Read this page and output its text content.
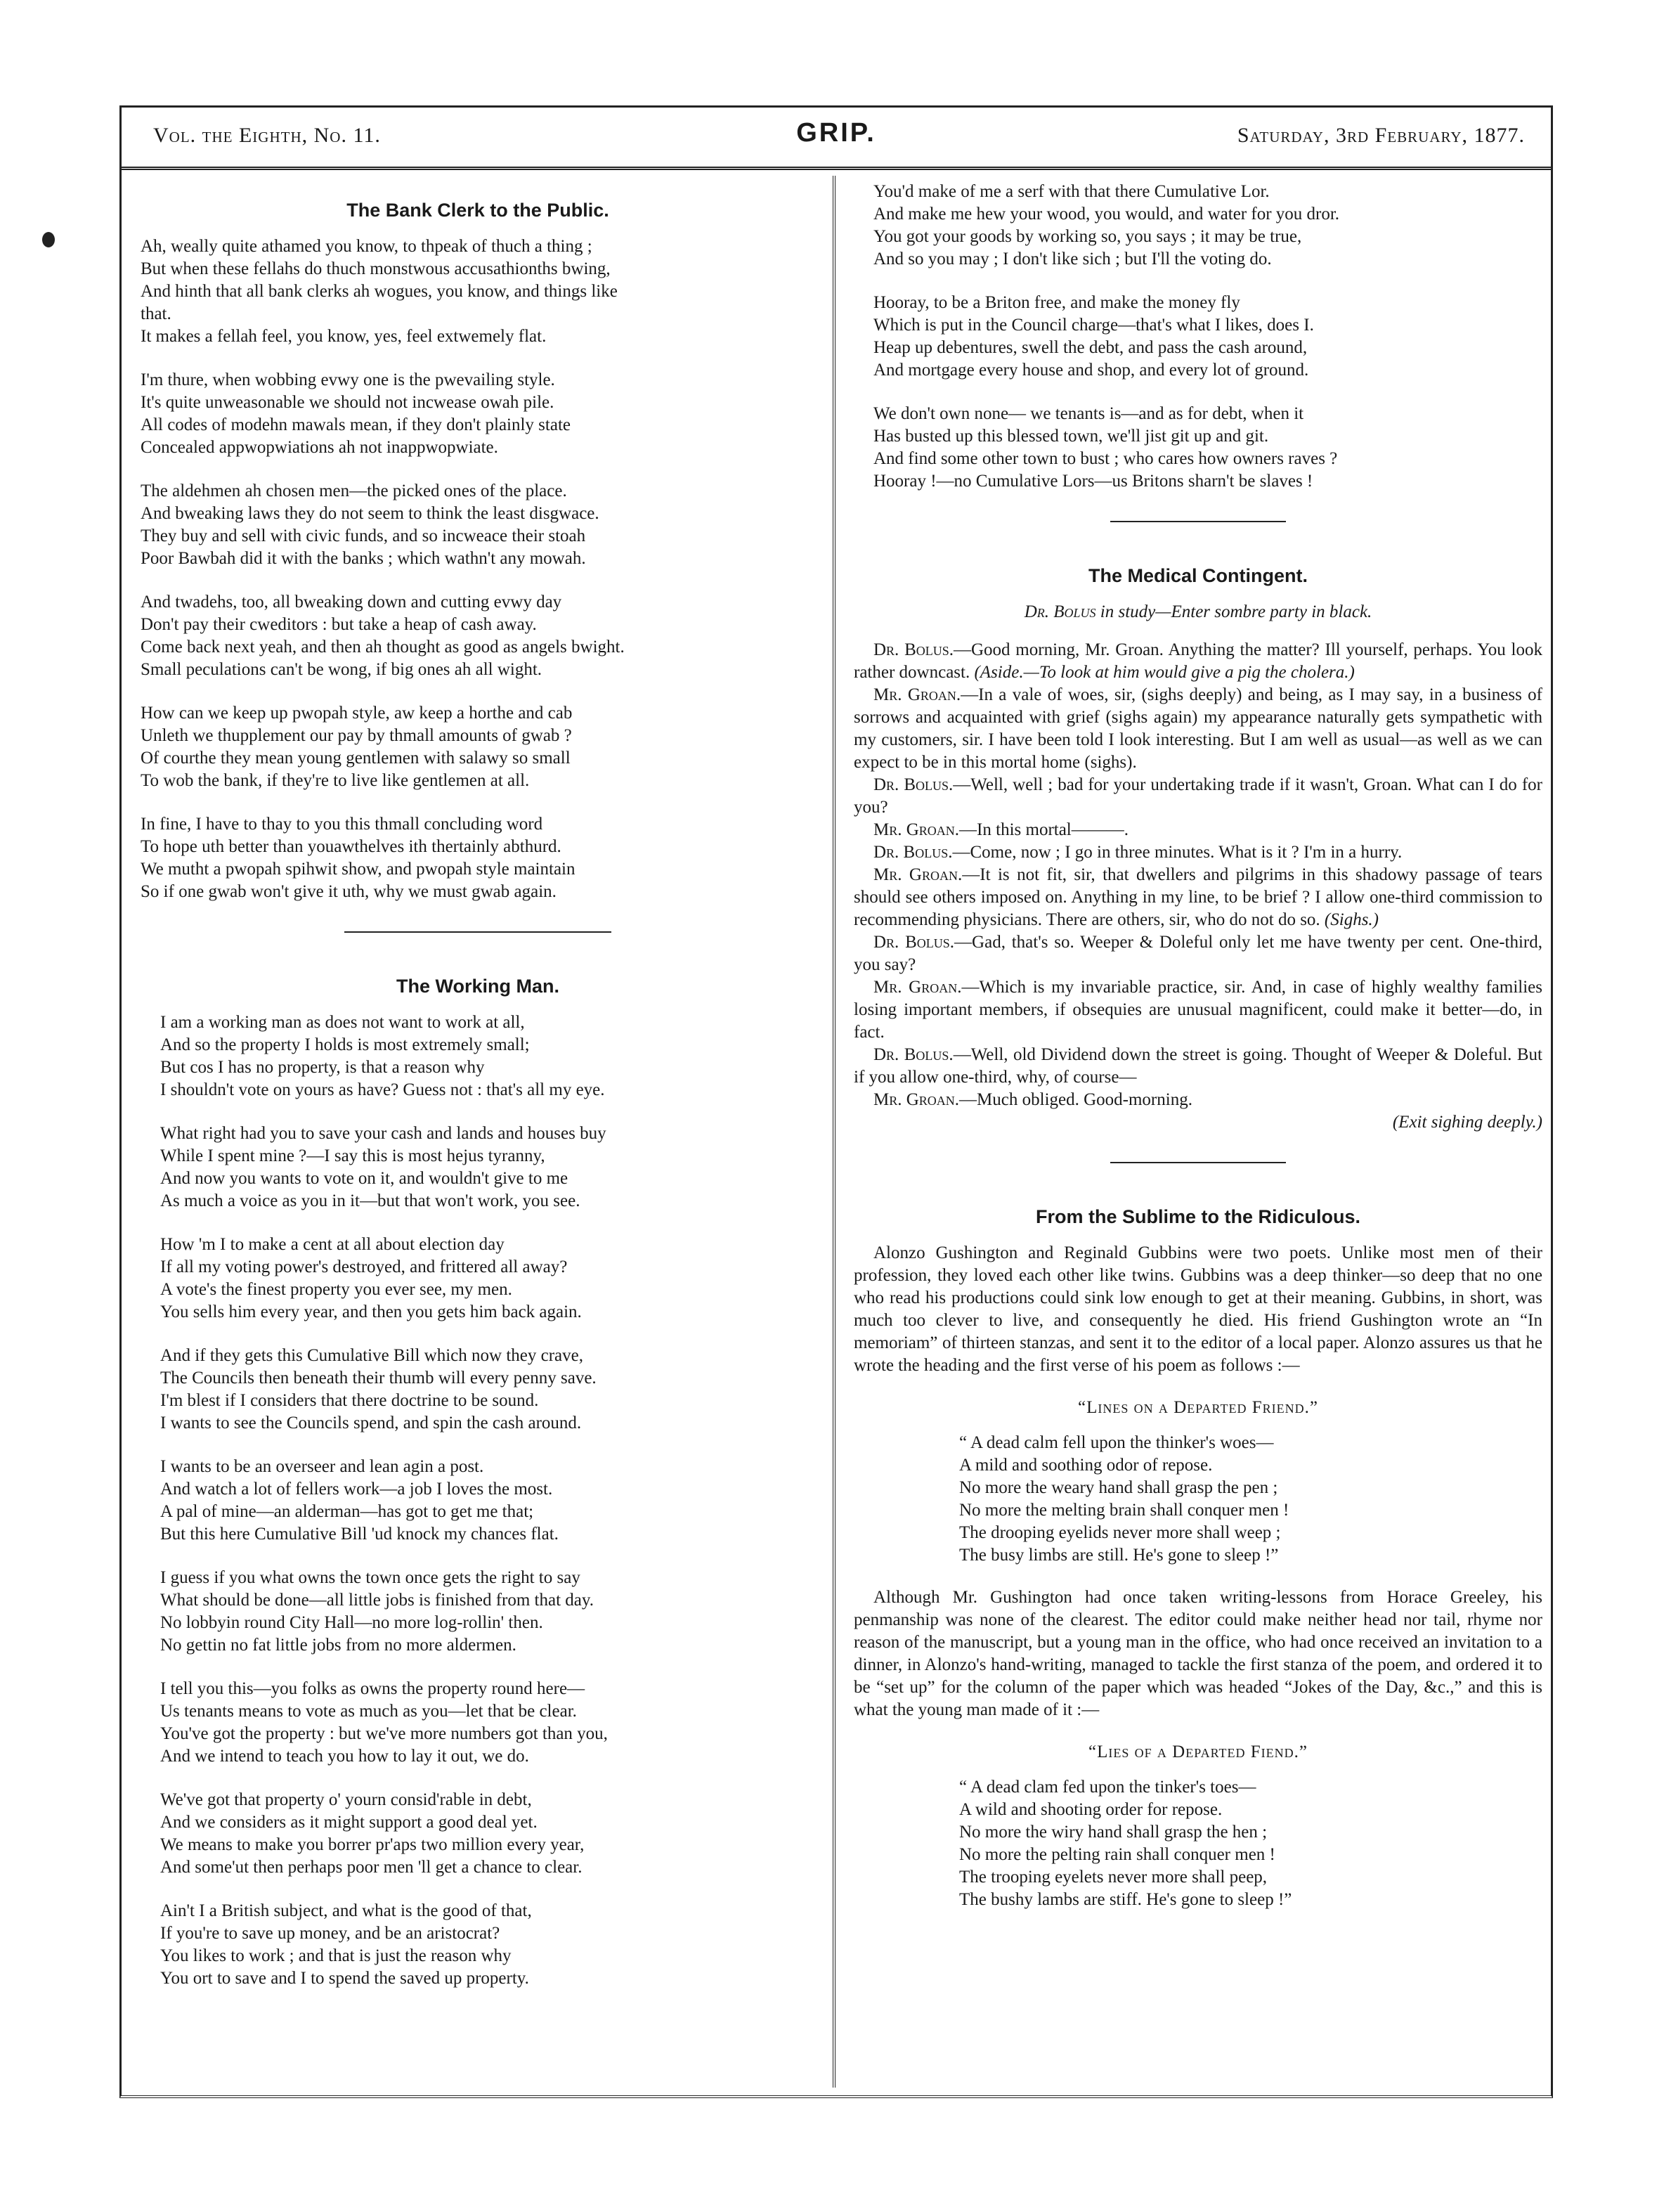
Vol. the Eighth, No. 11.	GRIP.	Saturday, 3rd February, 1877.
The Bank Clerk to the Public.
Ah, weally quite athamed you know, to thpeak of thuch a thing ;
But when these fellahs do thuch monstwous accusathionths bwing,
And hinth that all bank clerks ah wogues, you know, and things like
that.
It makes a fellah feel, you know, yes, feel extwemely flat.
I'm thure, when wobbing evwy one is the pwevailing style.
It's quite unweasonable we should not incwease owah pile.
All codes of modehn mawals mean, if they don't plainly state
Concealed appwopwiations ah not inappwopwiate.
The aldehmen ah chosen men—the picked ones of the place.
And bweaking laws they do not seem to think the least disgwace.
They buy and sell with civic funds, and so incweace their stoah
Poor Bawbah did it with the banks ; which wathn't any mowah.
And twadehs, too, all bweaking down and cutting evwy day
Don't pay their cweditors : but take a heap of cash away.
Come back next yeah, and then ah thought as good as angels bwight.
Small peculations can't be wong, if big ones ah all wight.
How can we keep up pwopah style, aw keep a horthe and cab
Unleth we thupplement our pay by thmall amounts of gwab ?
Of courthe they mean young gentlemen with salawy so small
To wob the bank, if they're to live like gentlemen at all.
In fine, I have to thay to you this thmall concluding word
To hope uth better than youawthelves ith thertainly abthurd.
We mutht a pwopah spihwit show, and pwopah style maintain
So if one gwab won't give it uth, why we must gwab again.
The Working Man.
I am a working man as does not want to work at all,
And so the property I holds is most extremely small;
But cos I has no property, is that a reason why
I shouldn't vote on yours as have? Guess not : that's all my eye.
What right had you to save your cash and lands and houses buy
While I spent mine ?—I say this is most hejus tyranny,
And now you wants to vote on it, and wouldn't give to me
As much a voice as you in it—but that won't work, you see.
How 'm I to make a cent at all about election day
If all my voting power's destroyed, and frittered all away?
A vote's the finest property you ever see, my men.
You sells him every year, and then you gets him back again.
And if they gets this Cumulative Bill which now they crave,
The Councils then beneath their thumb will every penny save.
I'm blest if I considers that there doctrine to be sound.
I wants to see the Councils spend, and spin the cash around.
I wants to be an overseer and lean agin a post.
And watch a lot of fellers work—a job I loves the most.
A pal of mine—an alderman—has got to get me that;
But this here Cumulative Bill 'ud knock my chances flat.
I guess if you what owns the town once gets the right to say
What should be done—all little jobs is finished from that day.
No lobbyin round City Hall—no more log-rollin' then.
No gettin no fat little jobs from no more aldermen.
I tell you this—you folks as owns the property round here—
Us tenants means to vote as much as you—let that be clear.
You've got the property : but we've more numbers got than you,
And we intend to teach you how to lay it out, we do.
We've got that property o' yourn consid'rable in debt,
And we considers as it might support a good deal yet.
We means to make you borrer pr'aps two million every year,
And some'ut then perhaps poor men 'll get a chance to clear.
Ain't I a British subject, and what is the good of that,
If you're to save up money, and be an aristocrat?
You likes to work ; and that is just the reason why
You ort to save and I to spend the saved up property.
You'd make of me a serf with that there Cumulative Lor.
And make me hew your wood, you would, and water for you dror.
You got your goods by working so, you says ; it may be true,
And so you may ; I don't like sich ; but I'll the voting do.
Hooray, to be a Briton free, and make the money fly
Which is put in the Council charge—that's what I likes, does I.
Heap up debentures, swell the debt, and pass the cash around,
And mortgage every house and shop, and every lot of ground.
We don't own none— we tenants is—and as for debt, when it
Has busted up this blessed town, we'll jist git up and git.
And find some other town to bust ; who cares how owners raves ?
Hooray !—no Cumulative Lors—us Britons sharn't be slaves !
The Medical Contingent.
Dr. Bolus in study—Enter sombre party in black.

Dr. Bolus.—Good morning, Mr. Groan. Anything the matter? Ill yourself, perhaps. You look rather downcast. (Aside.—To look at him would give a pig the cholera.)

Mr. Groan.—In a vale of woes, sir, (sighs deeply) and being, as I may say, in a business of sorrows and acquainted with grief (sighs again) my appearance naturally gets sympathetic with my customers, sir. I have been told I look interesting. But I am well as usual—as well as we can expect to be in this mortal home (sighs).

Dr. Bolus.—Well, well ; bad for your undertaking trade if it wasn't, Groan. What can I do for you?

Mr. Groan.—In this mortal———.

Dr. Bolus.—Come, now ; I go in three minutes. What is it ? I'm in a hurry.

Mr. Groan.—It is not fit, sir, that dwellers and pilgrims in this shadowy passage of tears should see others imposed on. Anything in my line, to be brief ? I allow one-third commission to recommending physicians. There are others, sir, who do not do so. (Sighs.)

Dr. Bolus.—Gad, that's so. Weeper & Doleful only let me have twenty per cent. One-third, you say?

Mr. Groan.—Which is my invariable practice, sir. And, in case of highly wealthy families losing important members, if obsequies are unusual magnificent, could make it better—do, in fact.

Dr. Bolus.—Well, old Dividend down the street is going. Thought of Weeper & Doleful. But if you allow one-third, why, of course—

Mr. Groan.—Much obliged. Good-morning.

(Exit sighing deeply.)
From the Sublime to the Ridiculous.

Alonzo Gushington and Reginald Gubbins were two poets. Unlike most men of their profession, they loved each other like twins. Gubbins was a deep thinker—so deep that no one who read his productions could sink low enough to get at their meaning. Gubbins, in short, was much too clever to live, and consequently he died. His friend Gushington wrote an “In memoriam” of thirteen stanzas, and sent it to the editor of a local paper. Alonzo assures us that he wrote the heading and the first verse of his poem as follows :—

“Lines on a Departed Friend.”
“ A dead calm fell upon the thinker's woes—
A mild and soothing odor of repose.
No more the weary hand shall grasp the pen ;
No more the melting brain shall conquer men !
The drooping eyelids never more shall weep ;
The busy limbs are still. He's gone to sleep !”

Although Mr. Gushington had once taken writing-lessons from Horace Greeley, his penmanship was none of the clearest. The editor could make neither head nor tail, rhyme nor reason of the manuscript, but a young man in the office, who had once received an invitation to a dinner, in Alonzo's hand-writing, managed to tackle the first stanza of the poem, and ordered it to be “set up” for the column of the paper which was headed “Jokes of the Day, &c.,” and this is what the young man made of it :—

“Lies of a Departed Fiend.”
“ A dead clam fed upon the tinker's toes—
A wild and shooting order for repose.
No more the wiry hand shall grasp the hen ;
No more the pelting rain shall conquer men !
The trooping eyelets never more shall peep,
The bushy lambs are stiff. He's gone to sleep !”
